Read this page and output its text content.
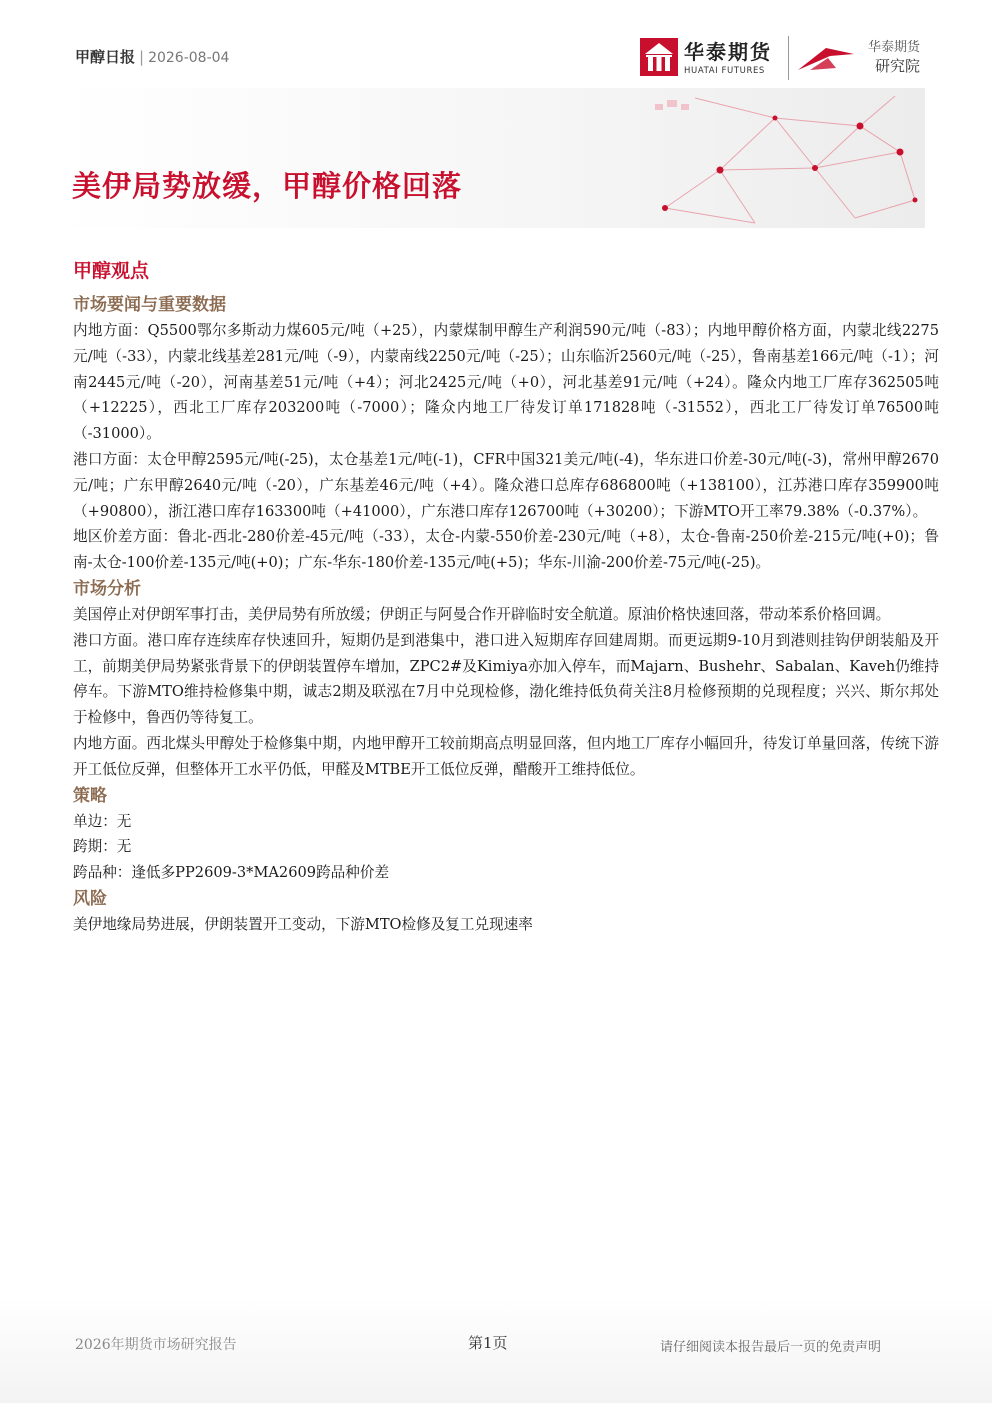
甲醇日报 | 2026-08-04	华泰期货
HUATAI FUTURES
华泰期货
研究院
美伊局势放缓，甲醇价格回落
甲醇观点
市场要闻与重要数据

内地方面：Q5500鄂尔多斯动力煤605元/吨（+25），内蒙煤制甲醇生产利润590元/吨（-83）；内地甲醇价格方面，内蒙北线2275元/吨（-33），内蒙北线基差281元/吨（-9），内蒙南线2250元/吨（-25）；山东临沂2560元/吨（-25），鲁南基差166元/吨（-1）；河南2445元/吨（-20），河南基差51元/吨（+4）；河北2425元/吨（+0），河北基差91元/吨（+24）。隆众内地工厂库存362505吨（+12225），西北工厂库存203200吨（-7000）；隆众内地工厂待发订单171828吨（-31552），西北工厂待发订单76500吨（-31000）。

港口方面：太仓甲醇2595元/吨(-25)，太仓基差1元/吨(-1)，CFR中国321美元/吨(-4)，华东进口价差-30元/吨(-3)，常州甲醇2670元/吨；广东甲醇2640元/吨（-20），广东基差46元/吨（+4）。隆众港口总库存686800吨（+138100），江苏港口库存359900吨（+90800），浙江港口库存163300吨（+41000），广东港口库存126700吨（+30200）；下游MTO开工率79.38%（-0.37%）。

地区价差方面：鲁北-西北-280价差-45元/吨（-33），太仓-内蒙-550价差-230元/吨（+8），太仓-鲁南-250价差-215元/吨(+0)；鲁南-太仓-100价差-135元/吨(+0)；广东-华东-180价差-135元/吨(+5)；华东-川渝-200价差-75元/吨(-25)。

市场分析

美国停止对伊朗军事打击，美伊局势有所放缓；伊朗正与阿曼合作开辟临时安全航道。原油价格快速回落，带动苯系价格回调。

港口方面。港口库存连续库存快速回升，短期仍是到港集中，港口进入短期库存回建周期。而更远期9-10月到港则挂钩伊朗装船及开工，前期美伊局势紧张背景下的伊朗装置停车增加，ZPC2#及Kimiya亦加入停车，而Majarn、Bushehr、Sabalan、Kaveh仍维持停车。下游MTO维持检修集中期，诚志2期及联泓在7月中兑现检修，渤化维持低负荷关注8月检修预期的兑现程度；兴兴、斯尔邦处于检修中，鲁西仍等待复工。

内地方面。西北煤头甲醇处于检修集中期，内地甲醇开工较前期高点明显回落，但内地工厂库存小幅回升，待发订单量回落，传统下游开工低位反弹，但整体开工水平仍低，甲醛及MTBE开工低位反弹，醋酸开工维持低位。

策略

单边：无

跨期：无

跨品种：逢低多PP2609-3*MA2609跨品种价差

风险

美伊地缘局势进展，伊朗装置开工变动，下游MTO检修及复工兑现速率

2026年期货市场研究报告	第1页	请仔细阅读本报告最后一页的免责声明
